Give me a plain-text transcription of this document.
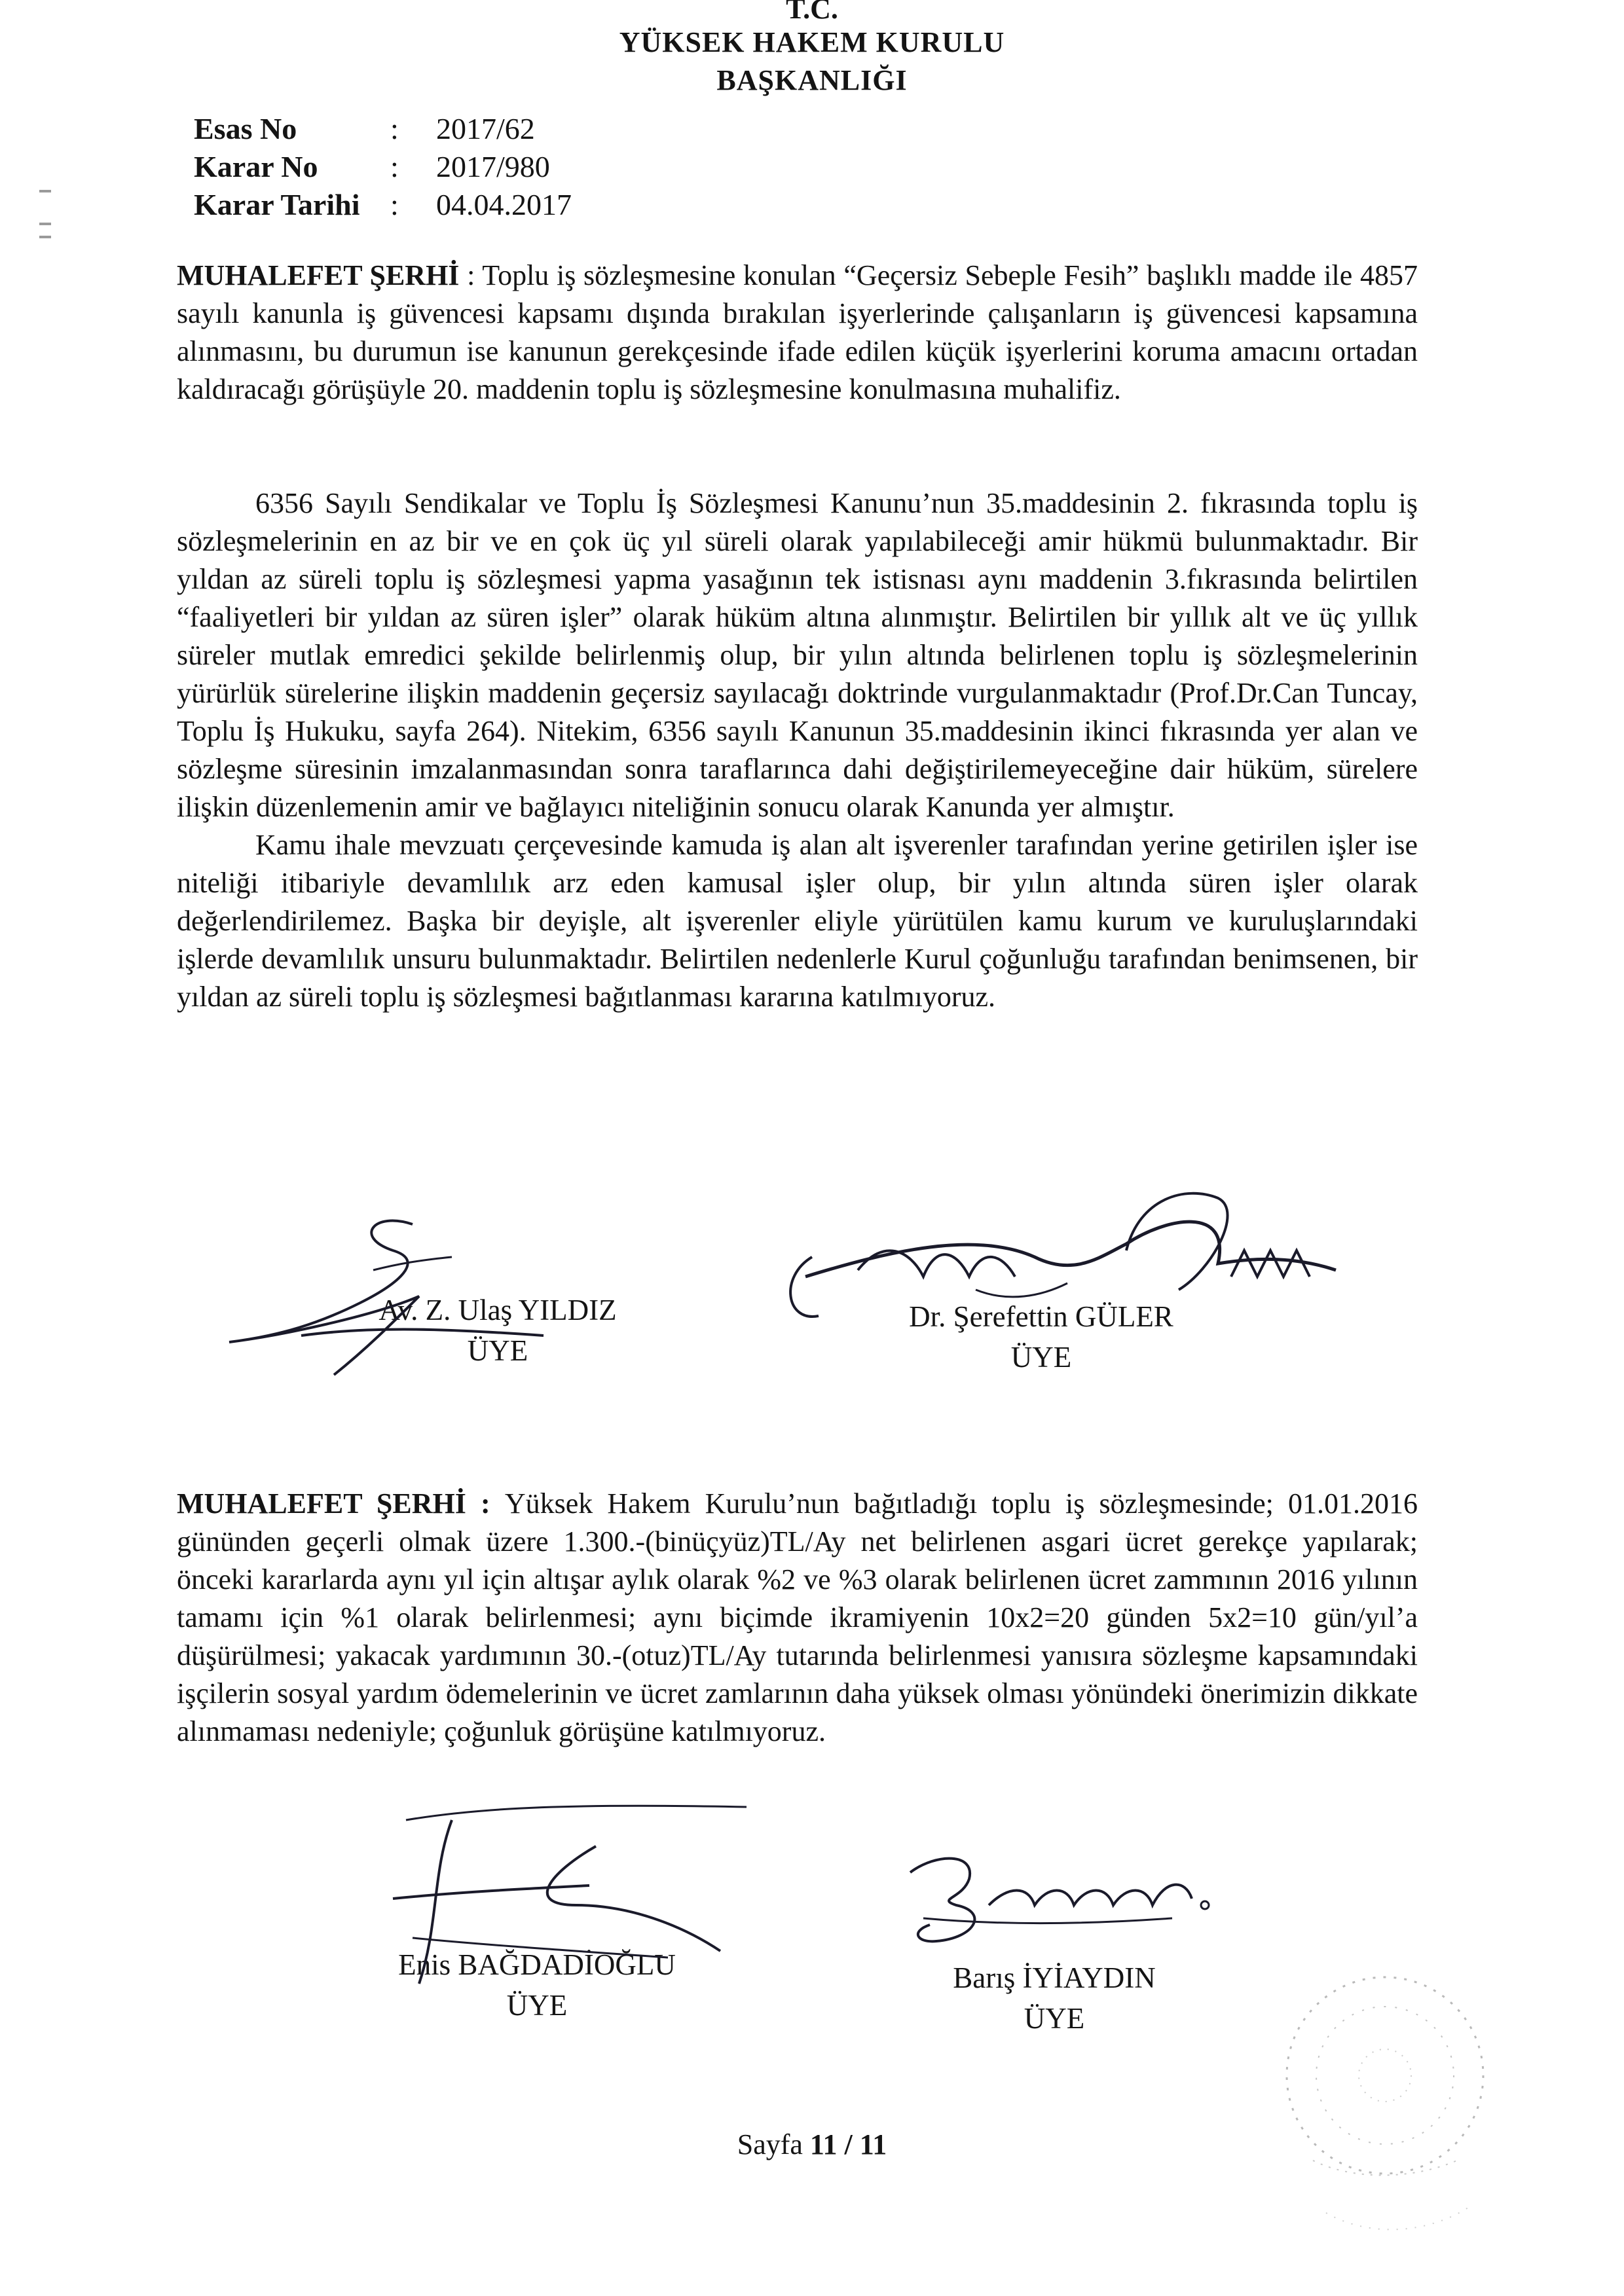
T.C.
YÜKSEK HAKEM KURULU
BAŞKANLIĞI
Esas No	:	2017/62
Karar No	:	2017/980
Karar Tarihi	:	04.04.2017

MUHALEFET ŞERHİ : Toplu iş sözleşmesine konulan “Geçersiz Sebeple Fesih” başlıklı madde ile 4857 sayılı kanunla iş güvencesi kapsamı dışında bırakılan işyerlerinde çalışanların iş güvencesi kapsamına alınmasını, bu durumun ise kanunun gerekçesinde ifade edilen küçük işyerlerini koruma amacını ortadan kaldıracağı görüşüyle 20. maddenin toplu iş sözleşmesine konulmasına muhalifiz.

6356 Sayılı Sendikalar ve Toplu İş Sözleşmesi Kanunu’nun 35.maddesinin 2. fıkrasında toplu iş sözleşmelerinin en az bir ve en çok üç yıl süreli olarak yapılabileceği amir hükmü bulunmaktadır. Bir yıldan az süreli toplu iş sözleşmesi yapma yasağının tek istisnası aynı maddenin 3.fıkrasında belirtilen “faaliyetleri bir yıldan az süren işler” olarak hüküm altına alınmıştır. Belirtilen bir yıllık alt ve üç yıllık süreler mutlak emredici şekilde belirlenmiş olup, bir yılın altında belirlenen toplu iş sözleşmelerinin yürürlük sürelerine ilişkin maddenin geçersiz sayılacağı doktrinde vurgulanmaktadır (Prof.Dr.Can Tuncay, Toplu İş Hukuku, sayfa 264). Nitekim, 6356 sayılı Kanunun 35.maddesinin ikinci fıkrasında yer alan ve sözleşme süresinin imzalanmasından sonra taraflarınca dahi değiştirilemeyeceğine dair hüküm, sürelere ilişkin düzenlemenin amir ve bağlayıcı niteliğinin sonucu olarak Kanunda yer almıştır.

Kamu ihale mevzuatı çerçevesinde kamuda iş alan alt işverenler tarafından yerine getirilen işler ise niteliği itibariyle devamlılık arz eden kamusal işler olup, bir yılın altında süren işler olarak değerlendirilemez. Başka bir deyişle, alt işverenler eliyle yürütülen kamu kurum ve kuruluşlarındaki işlerde devamlılık unsuru bulunmaktadır. Belirtilen nedenlerle Kurul çoğunluğu tarafından benimsenen, bir yıldan az süreli toplu iş sözleşmesi bağıtlanması kararına katılmıyoruz.

Av. Z. Ulaş YILDIZ
ÜYE
Dr. Şerefettin GÜLER
ÜYE

MUHALEFET ŞERHİ : Yüksek Hakem Kurulu’nun bağıtladığı toplu iş sözleşmesinde; 01.01.2016 gününden geçerli olmak üzere 1.300.-(binüçyüz)TL/Ay net belirlenen asgari ücret gerekçe yapılarak; önceki kararlarda aynı yıl için altışar aylık olarak %2 ve %3 olarak belirlenen ücret zammının 2016 yılının tamamı için %1 olarak belirlenmesi; aynı biçimde ikramiyenin 10x2=20 günden 5x2=10 gün/yıl’a düşürülmesi; yakacak yardımının 30.-(otuz)TL/Ay tutarında belirlenmesi yanısıra sözleşme kapsamındaki işçilerin sosyal yardım ödemelerinin ve ücret zamlarının daha yüksek olması yönündeki önerimizin dikkate alınmaması nedeniyle; çoğunluk görüşüne katılmıyoruz.

Enis BAĞDADİOĞLU
ÜYE
Barış İYİAYDIN
ÜYE
Sayfa 11 / 11
